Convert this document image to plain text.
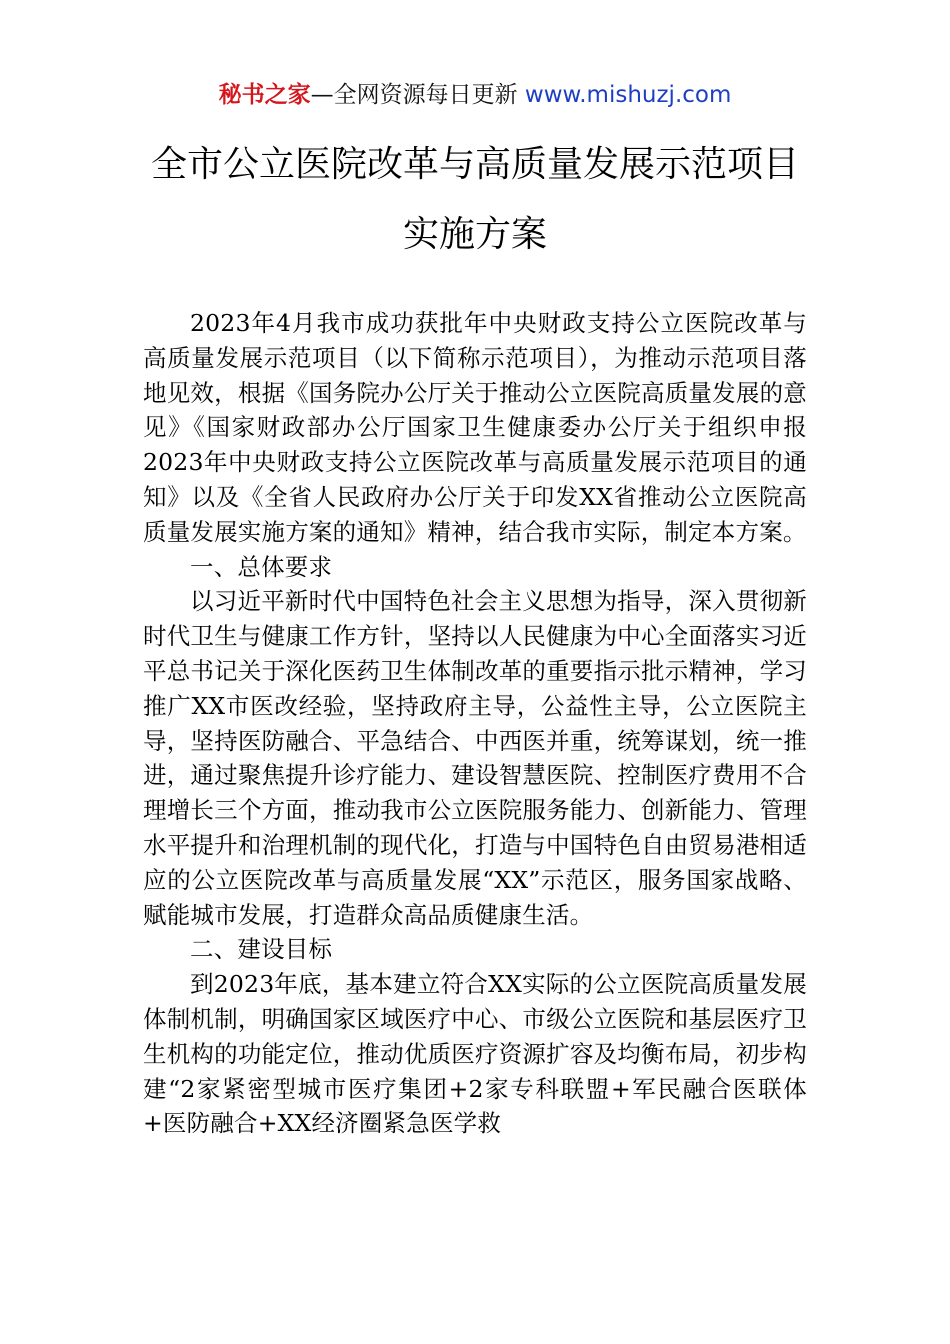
秘书之家—全网资源每日更新 www.mishuzj.com
全市公立医院改革与高质量发展示范项目
实施方案

2023年4月我市成功获批年中央财政支持公立医院改革与高质量发展示范项目（以下简称示范项目），为推动示范项目落地见效，根据《国务院办公厅关于推动公立医院高质量发展的意见》《国家财政部办公厅国家卫生健康委办公厅关于组织申报2023年中央财政支持公立医院改革与高质量发展示范项目的通知》以及《全省人民政府办公厅关于印发XX省推动公立医院高质量发展实施方案的通知》精神，结合我市实际，制定本方案。

一、总体要求

以习近平新时代中国特色社会主义思想为指导，深入贯彻新时代卫生与健康工作方针，坚持以人民健康为中心全面落实习近平总书记关于深化医药卫生体制改革的重要指示批示精神，学习推广XX市医改经验，坚持政府主导，公益性主导，公立医院主导，坚持医防融合、平急结合、中西医并重，统筹谋划，统一推进，通过聚焦提升诊疗能力、建设智慧医院、控制医疗费用不合理增长三个方面，推动我市公立医院服务能力、创新能力、管理水平提升和治理机制的现代化，打造与中国特色自由贸易港相适应的公立医院改革与高质量发展“XX”示范区，服务国家战略、赋能城市发展，打造群众高品质健康生活。

二、建设目标

到2023年底，基本建立符合XX实际的公立医院高质量发展体制机制，明确国家区域医疗中心、市级公立医院和基层医疗卫生机构的功能定位，推动优质医疗资源扩容及均衡布局，初步构建“2家紧密型城市医疗集团+2家专科联盟+军民融合医联体+医防融合+XX经济圈紧急医学救
